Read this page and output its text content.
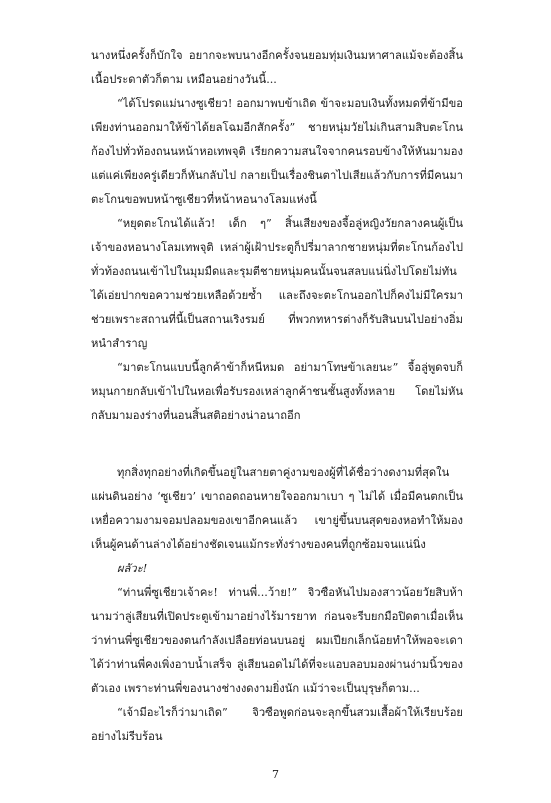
นางหนึ่งครั้งก็บักใจ อยากจะพบนางอีกครั้งจนยอมทุ่มเงินมหาศาลแม้จะต้องสิ้นเนื้อประดาตัวก็ตาม เหมือนอย่างวันนี้...

“ได้โปรดแม่นางซูเชียว! ออกมาพบข้าเถิด ข้าจะมอบเงินทั้งหมดที่ข้ามีขอเพียงท่านออกมาให้ข้าได้ยลโฉมอีกสักครั้ง” ชายหนุ่มวัยไม่เกินสามสิบตะโกนก้องไปทั่วท้องถนนหน้าหอเทพจุติ เรียกความสนใจจากคนรอบข้างให้หันมามองแต่แค่เพียงครู่เดียวก็หันกลับไป กลายเป็นเรื่องชินตาไปเสียแล้วกับการที่มีคนมาตะโกนขอพบหน้าซูเชียวที่หน้าหอนางโลมแห่งนี้

“หยุดตะโกนได้แล้ว! เด็ก ๆ” สิ้นเสียงของจี้อลู่หญิงวัยกลางคนผู้เป็นเจ้าของหอนางโลมเทพจุติ เหล่าผู้เฝ้าประตูก็ปรี่มาลากชายหนุ่มที่ตะโกนก้องไปทั่วท้องถนนเข้าไปในมุมมืดและรุมตีชายหนุ่มคนนั้นจนสลบแน่นิ่งไปโดยไม่ทันได้เอ่ยปากขอความช่วยเหลือด้วยซ้ำ และถึงจะตะโกนออกไปก็คงไม่มีใครมาช่วยเพราะสถานที่นี้เป็นสถานเริงรมย์ ที่พวกทหารต่างก็รับสินบนไปอย่างอิ่มหนำสำราญ

“มาตะโกนแบบนี้ลูกค้าข้าก็หนีหมด อย่ามาโทษข้าเลยนะ” จี้อลู่พูดจบก็หมุนกายกลับเข้าไปในหอเพื่อรับรองเหล่าลูกค้าชนชั้นสูงทั้งหลาย โดยไม่หันกลับมามองร่างที่นอนสิ้นสติอย่างน่าอนาถอีก

ทุกสิ่งทุกอย่างที่เกิดขึ้นอยู่ในสายตาคู่งามของผู้ที่ได้ชื่อว่างดงามที่สุดในแผ่นดินอย่าง ‘ซูเชียว’ เขาถอดถอนหายใจออกมาเบา ๆ ไม่ได้ เมื่อมีคนตกเป็นเหยื่อความงามจอมปลอมของเขาอีกคนแล้ว เขายู่ขึ้นบนสุดของหอทำให้มองเห็นผู้คนด้านล่างได้อย่างชัดเจนแม้กระทั่งร่างของคนที่ถูกซ้อมจนแน่นิ่ง

ผลัวะ!

“ท่านพี่ซูเชียวเจ้าคะ! ท่านพี่...ว้าย!” จิวซือหันไปมองสาวน้อยวัยสิบห้านามว่าลู่เสียนที่เปิดประตูเข้ามาอย่างไร้มารยาท ก่อนจะรีบยกมือปิดตาเมื่อเห็นว่าท่านพี่ซูเชียวของตนกำลังเปลือยท่อนบนอยู่ ผมเปียกเล็กน้อยทำให้พอจะเดาได้ว่าท่านพี่คงเพิ่งอาบน้ำเสร็จ ลู่เสียนอดไม่ได้ที่จะแอบลอบมองผ่านง่ามนิ้วของตัวเอง เพราะท่านพี่ของนางช่างงดงามยิ่งนัก แม้ว่าจะเป็นบุรุษก็ตาม...

“เจ้ามีอะไรก็ว่ามาเถิด” จิวซือพูดก่อนจะลุกขึ้นสวมเสื้อผ้าให้เรียบร้อยอย่างไม่รีบร้อน

7
